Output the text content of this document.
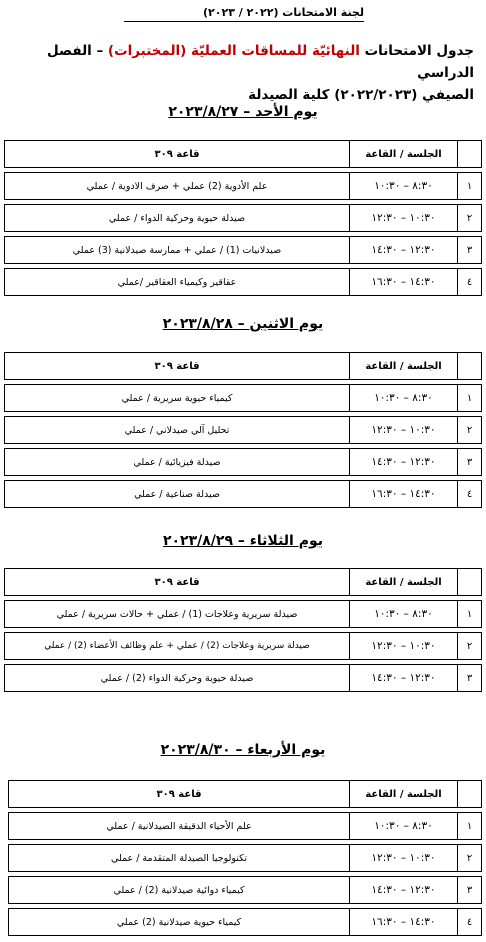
لجنة الامتحانات (٢٠٢٢ / ٢٠٢٣)
جدول الامتحانات النهائيّة للمساقات العمليّة (المختبرات) – الفصل الدراسي
الصيفي (٢٠٢٢/٢٠٢٣) كلية الصيدلة
يوم الأحد – ٢٠٢٣/٨/٢٧
	الجلسة / القاعة	قاعة ٣٠٩

١	٨:٣٠ – ١٠:٣٠	علم الأدوية (2) عملي + صرف الادوية / عملي

٢	١٠:٣٠ – ١٢:٣٠	صيدلة حيوية وحركية الدواء / عملي

٣	١٢:٣٠ – ١٤:٣٠	صيدلانيات (1) / عملي + ممارسة صيدلانية (3) عملي

٤	١٤:٣٠ – ١٦:٣٠	عقاقير وكيمياء العقاقير /عملي
يوم الاثنين – ٢٠٢٣/٨/٢٨
	الجلسة / القاعة	قاعة ٣٠٩

١	٨:٣٠ – ١٠:٣٠	كيمياء حيوية سريرية / عملي

٢	١٠:٣٠ – ١٢:٣٠	تحليل آلي صيدلاني / عملي

٣	١٢:٣٠ – ١٤:٣٠	صيدلة فيزيائية / عملي

٤	١٤:٣٠ – ١٦:٣٠	صيدلة صناعية / عملي
يوم الثلاثاء – ٢٠٢٣/٨/٢٩
	الجلسة / القاعة	قاعة ٣٠٩

١	٨:٣٠ – ١٠:٣٠	صيدلة سريرية وعلاجات (1) / عملي + حالات سريرية / عملي

٢	١٠:٣٠ – ١٢:٣٠	صيدلة سريرية وعلاجات (2) / عملي + علم وظائف الأعضاء (2) / عملي

٣	١٢:٣٠ – ١٤:٣٠	صيدلة حيوية وحركية الدواء (2) / عملي
يوم الأربعاء – ٢٠٢٣/٨/٣٠
	الجلسة / القاعة	قاعة ٣٠٩

١	٨:٣٠ – ١٠:٣٠	علم الأحياء الدقيقة الصيدلانية / عملي

٢	١٠:٣٠ – ١٢:٣٠	تكنولوجيا الصيدلة المتقدمة / عملي

٣	١٢:٣٠ – ١٤:٣٠	كيمياء دوائية صيدلانية (2) / عملي

٤	١٤:٣٠ – ١٦:٣٠	كيمياء حيوية صيدلانية (2) عملي
